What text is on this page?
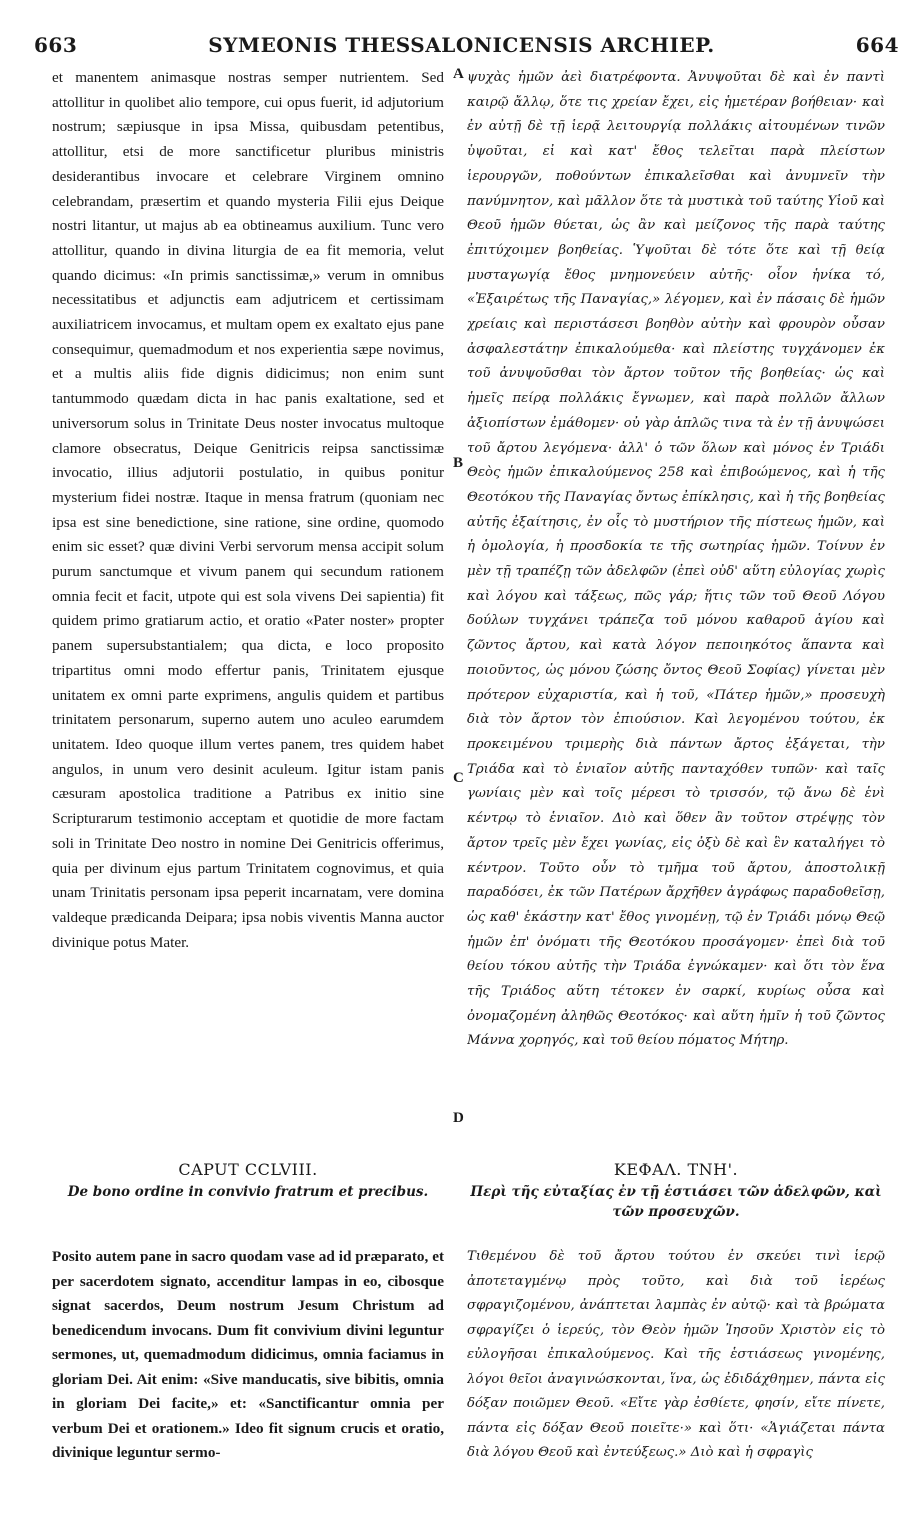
663	SYMEONIS THESSALONICENSIS ARCHIEP.	664

et manentem animasque nostras semper nutrientem. Sed attollitur in quolibet alio tempore, cui opus fuerit, id adjutorium nostrum; sæpiusque in ipsa Missa, quibusdam petentibus, attollitur, etsi de more sanctificetur pluribus ministris desiderantibus invocare et celebrare Virginem omnino celebrandam, præsertim et quando mysteria Filii ejus Deique nostri litantur, ut majus ab ea obtineamus auxilium. Tunc vero attollitur, quando in divina liturgia de ea fit memoria, velut quando dicimus: «In primis sanctissimæ,» verum in omnibus necessitatibus et adjunctis eam adjutricem et certissimam auxiliatricem invocamus, et multam opem ex exaltato ejus pane consequimur, quemadmodum et nos experientia sæpe novimus, et a multis aliis fide dignis didicimus; non enim sunt tantummodo quædam dicta in hac panis exaltatione, sed et universorum solus in Trinitate Deus noster invocatus multoque clamore obsecratus, Deique Genitricis reipsa sanctissimæ invocatio, illius adjutorii postulatio, in quibus ponitur mysterium fidei nostræ. Itaque in mensa fratrum (quoniam nec ipsa est sine benedictione, sine ratione, sine ordine, quomodo enim sic esset? quæ divini Verbi servorum mensa accipit solum purum sanctumque et vivum panem qui secundum rationem omnia fecit et facit, utpote qui est sola vivens Dei sapientia) fit quidem primo gratiarum actio, et oratio «Pater noster» propter panem supersubstantialem; qua dicta, e loco proposito tripartitus omni modo effertur panis, Trinitatem ejusque unitatem ex omni parte exprimens, angulis quidem et partibus trinitatem personarum, superno autem uno aculeo earumdem unitatem. Ideo quoque illum vertes panem, tres quidem habet angulos, in unum vero desinit aculeum. Igitur istam panis cæsuram apostolica traditione a Patribus ex initio sine Scripturarum testimonio acceptam et quotidie de more factam soli in Trinitate Deo nostro in nomine Dei Genitricis offerimus, quia per divinum ejus partum Trinitatem cognovimus, et quia unam Trinitatis personam ipsa peperit incarnatam, vere domina valdeque prædicanda Deipara; ipsa nobis viventis Manna auctor divinique potus Mater.

ψυχὰς ἡμῶν ἀεὶ διατρέφοντα. Ἀνυψοῦται δὲ καὶ ἐν παντὶ καιρῷ ἄλλῳ, ὅτε τις χρείαν ἔχει, εἰς ἡμετέραν βοήθειαν· καὶ ἐν αὐτῇ δὲ τῇ ἱερᾷ λειτουργίᾳ πολλάκις αἰτουμένων τινῶν ὑψοῦται, εἰ καὶ κατ' ἔθος τελεῖται παρὰ πλείστων ἱερουργῶν, ποθούντων ἐπικαλεῖσθαι καὶ ἀνυμνεῖν τὴν πανύμνητον, καὶ μᾶλλον ὅτε τὰ μυστικὰ τοῦ ταύτης Υἱοῦ καὶ Θεοῦ ἡμῶν θύεται, ὡς ἂν καὶ μείζονος τῆς παρὰ ταύτης ἐπιτύχοιμεν βοηθείας. Ὑψοῦται δὲ τότε ὅτε καὶ τῇ θείᾳ μυσταγωγίᾳ ἔθος μνημονεύειν αὐτῆς· οἷον ἡνίκα τό, «Ἐξαιρέτως τῆς Παναγίας,» λέγομεν, καὶ ἐν πάσαις δὲ ἡμῶν χρείαις καὶ περιστάσεσι βοηθὸν αὐτὴν καὶ φρουρὸν οὖσαν ἀσφαλεστάτην ἐπικαλούμεθα· καὶ πλείστης τυγχάνομεν ἐκ τοῦ ἀνυψοῦσθαι τὸν ἄρτον τοῦτον τῆς βοηθείας· ὡς καὶ ἡμεῖς πείρᾳ πολλάκις ἔγνωμεν, καὶ παρὰ πολλῶν ἄλλων ἀξιοπίστων ἐμάθομεν· οὐ γὰρ ἁπλῶς τινα τὰ ἐν τῇ ἀνυψώσει τοῦ ἄρτου λεγόμενα· ἀλλ' ὁ τῶν ὅλων καὶ μόνος ἐν Τριάδι Θεὸς ἡμῶν ἐπικαλούμενος 258 καὶ ἐπιβοώμενος, καὶ ἡ τῆς Θεοτόκου τῆς Παναγίας ὄντως ἐπίκλησις, καὶ ἡ τῆς βοηθείας αὐτῆς ἐξαίτησις, ἐν οἷς τὸ μυστήριον τῆς πίστεως ἡμῶν, καὶ ἡ ὁμολογία, ἡ προσδοκία τε τῆς σωτηρίας ἡμῶν. Τοίνυν ἐν μὲν τῇ τραπέζῃ τῶν ἀδελφῶν (ἐπεὶ οὐδ' αὕτη εὐλογίας χωρὶς καὶ λόγου καὶ τάξεως, πῶς γάρ; ἥτις τῶν τοῦ Θεοῦ Λόγου δούλων τυγχάνει τράπεζα τοῦ μόνου καθαροῦ ἁγίου καὶ ζῶντος ἄρτου, καὶ κατὰ λόγον πεποιηκότος ἅπαντα καὶ ποιοῦντος, ὡς μόνου ζώσης ὄντος Θεοῦ Σοφίας) γίνεται μὲν πρότερον εὐχαριστία, καὶ ἡ τοῦ, «Πάτερ ἡμῶν,» προσευχὴ διὰ τὸν ἄρτον τὸν ἐπιούσιον. Καὶ λεγομένου τούτου, ἐκ προκειμένου τριμερὴς διὰ πάντων ἄρτος ἐξάγεται, τὴν Τριάδα καὶ τὸ ἑνιαῖον αὐτῆς πανταχόθεν τυπῶν· καὶ ταῖς γωνίαις μὲν καὶ τοῖς μέρεσι τὸ τρισσόν, τῷ ἄνω δὲ ἑνὶ κέντρῳ τὸ ἑνιαῖον. Διὸ καὶ ὅθεν ἂν τοῦτον στρέψῃς τὸν ἄρτον τρεῖς μὲν ἔχει γωνίας, εἰς ὀξὺ δὲ καὶ ἓν καταλήγει τὸ κέντρον. Τοῦτο οὖν τὸ τμῆμα τοῦ ἄρτου, ἀποστολικῇ παραδόσει, ἐκ τῶν Πατέρων ἄρχῆθεν ἀγράφως παραδοθεῖσῃ, ὡς καθ' ἑκάστην κατ' ἔθος γινομένῃ, τῷ ἐν Τριάδι μόνῳ Θεῷ ἡμῶν ἐπ' ὀνόματι τῆς Θεοτόκου προσάγομεν· ἐπεὶ διὰ τοῦ θείου τόκου αὐτῆς τὴν Τριάδα ἐγνώκαμεν· καὶ ὅτι τὸν ἕνα τῆς Τριάδος αὕτη τέτοκεν ἐν σαρκί, κυρίως οὖσα καὶ ὀνομαζομένη ἀληθῶς Θεοτόκος· καὶ αὕτη ἡμῖν ἡ τοῦ ζῶντος Μάννα χορηγός, καὶ τοῦ θείου πόματος Μήτηρ.

A
B
C
D
CAPUT CCLVIII.
De bono ordine in convivio fratrum et precibus.
ΚΕΦΑΛ. ΤΝΗ'.
Περὶ τῆς εὐταξίας ἐν τῇ ἑστιάσει τῶν ἀδελφῶν, καὶ τῶν προσευχῶν.

Posito autem pane in sacro quodam vase ad id præparato, et per sacerdotem signato, accenditur lampas in eo, cibosque signat sacerdos, Deum nostrum Jesum Christum ad benedicendum invocans. Dum fit convivium divini leguntur sermones, ut, quemadmodum didicimus, omnia faciamus in gloriam Dei. Ait enim: «Sive manducatis, sive bibitis, omnia in gloriam Dei facite,» et: «Sanctificantur omnia per verbum Dei et orationem.» Ideo fit signum crucis et oratio, divinique leguntur sermo-

Τιθεμένου δὲ τοῦ ἄρτου τούτου ἐν σκεύει τινὶ ἱερῷ ἀποτεταγμένῳ πρὸς τοῦτο, καὶ διὰ τοῦ ἱερέως σφραγιζομένου, ἀνάπτεται λαμπὰς ἐν αὐτῷ· καὶ τὰ βρώματα σφραγίζει ὁ ἱερεύς, τὸν Θεὸν ἡμῶν Ἰησοῦν Χριστὸν εἰς τὸ εὐλογῆσαι ἐπικαλούμενος. Καὶ τῆς ἑστιάσεως γινομένης, λόγοι θεῖοι ἀναγινώσκονται, ἵνα, ὡς ἐδιδάχθημεν, πάντα εἰς δόξαν ποιῶμεν Θεοῦ. «Εἴτε γὰρ ἐσθίετε, φησίν, εἴτε πίνετε, πάντα εἰς δόξαν Θεοῦ ποιεῖτε·» καὶ ὅτι· «Ἁγιάζεται πάντα διὰ λόγου Θεοῦ καὶ ἐντεύξεως.» Διὸ καὶ ἡ σφραγὶς
